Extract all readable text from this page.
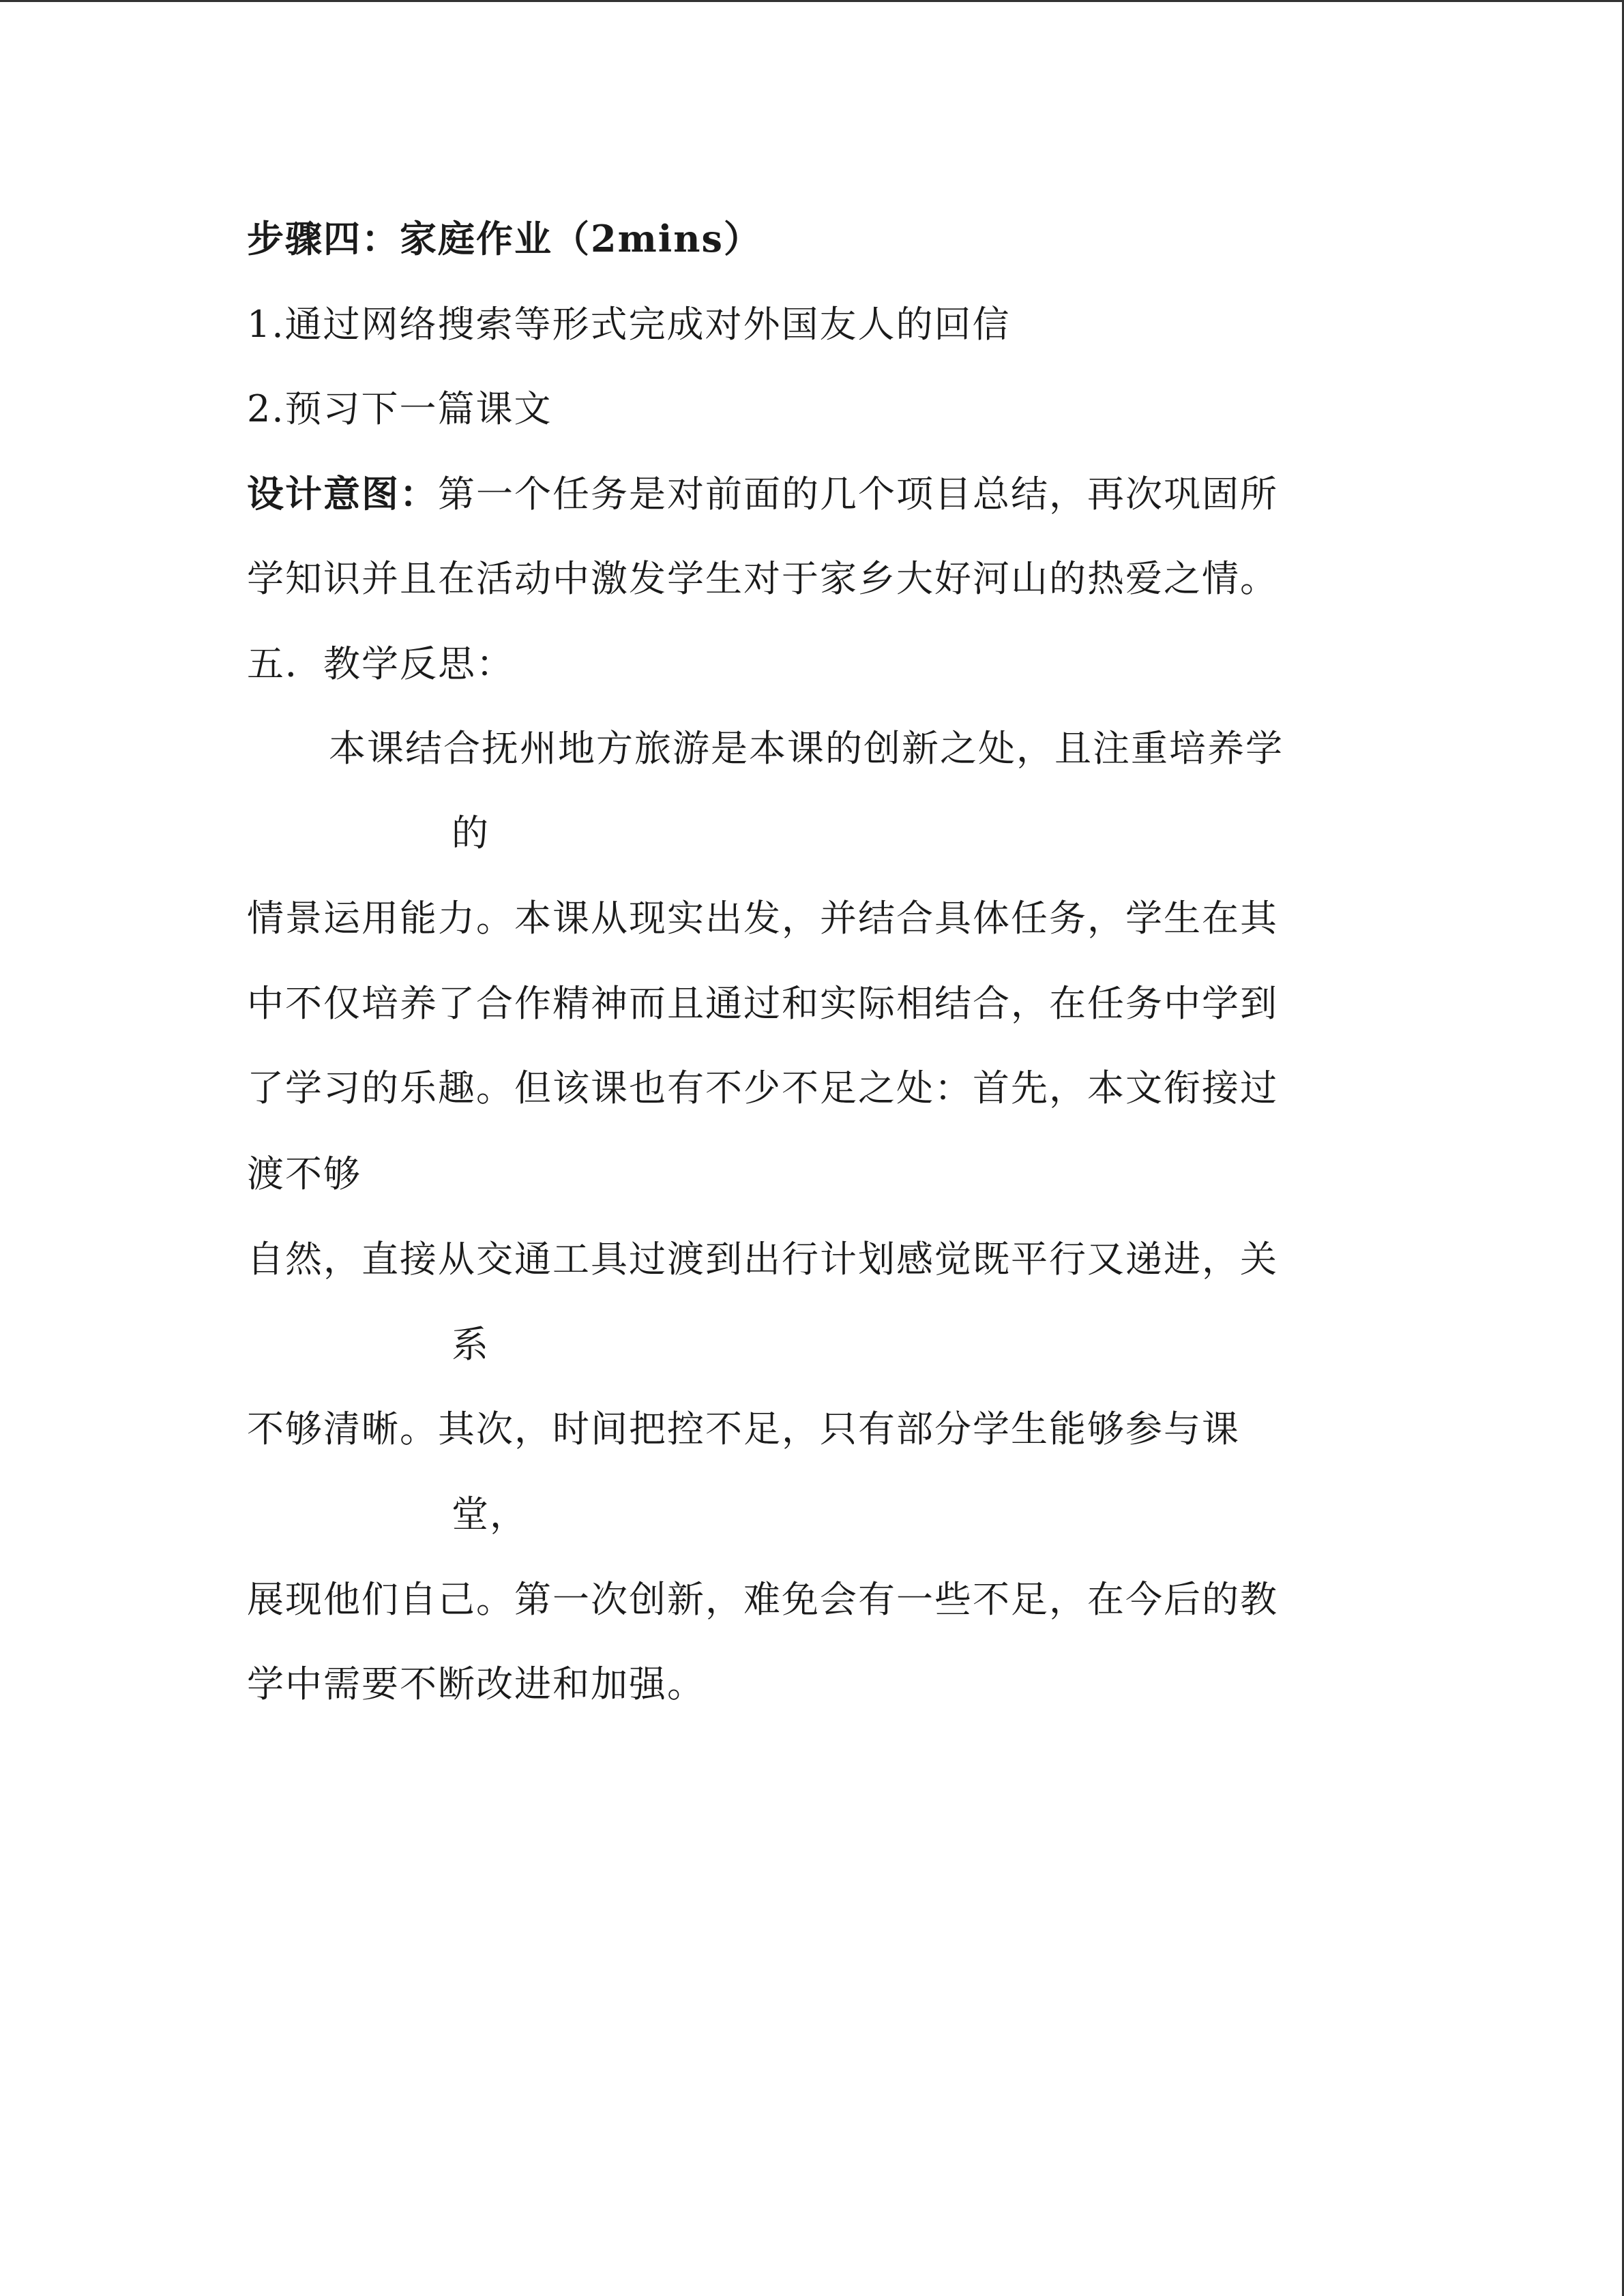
步骤四：家庭作业（2mins）
1.通过网络搜索等形式完成对外国友人的回信
2.预习下一篇课文
设计意图：第一个任务是对前面的几个项目总结，再次巩固所
学知识并且在活动中激发学生对于家乡大好河山的热爱之情。
五．教学反思：
本课结合抚州地方旅游是本课的创新之处，且注重培养学
的
情景运用能力。本课从现实出发，并结合具体任务，学生在其
中不仅培养了合作精神而且通过和实际相结合，在任务中学到
了学习的乐趣。但该课也有不少不足之处：首先，本文衔接过
渡不够
自然，直接从交通工具过渡到出行计划感觉既平行又递进，关
系
不够清晰。其次，时间把控不足，只有部分学生能够参与课
堂，
展现他们自己。第一次创新，难免会有一些不足，在今后的教
学中需要不断改进和加强。
